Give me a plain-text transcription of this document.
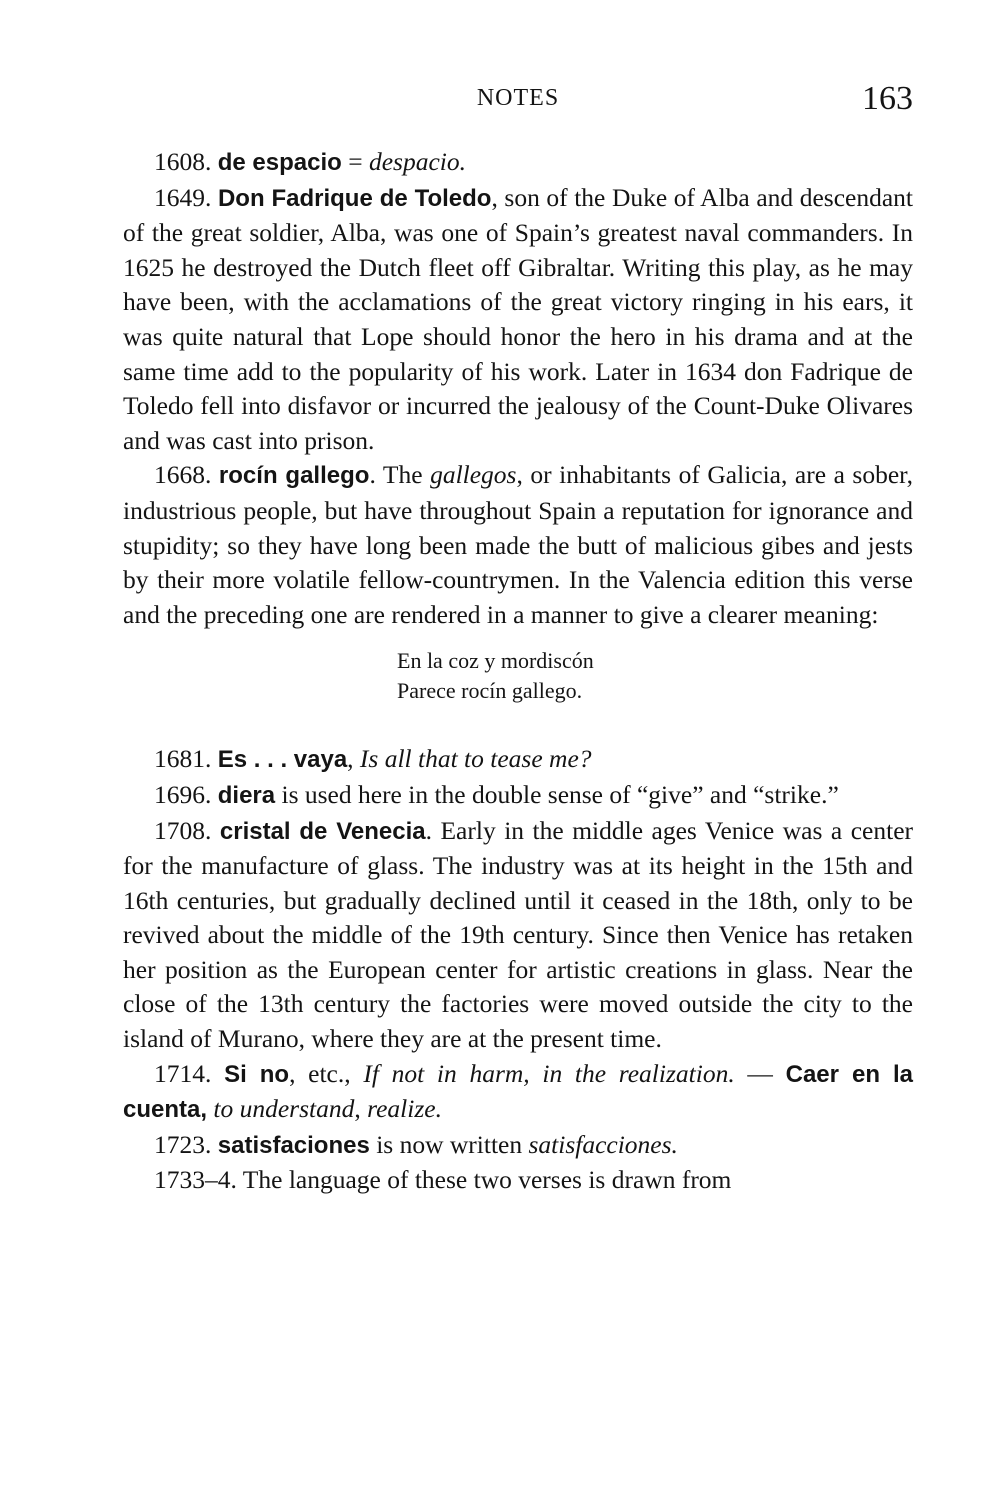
NOTES	163

1608. de espacio = despacio.

1649. Don Fadrique de Toledo, son of the Duke of Alba and descendant of the great soldier, Alba, was one of Spain’s greatest naval commanders. In 1625 he destroyed the Dutch fleet off Gibraltar. Writing this play, as he may have been, with the acclamations of the great victory ringing in his ears, it was quite natural that Lope should honor the hero in his drama and at the same time add to the popularity of his work. Later in 1634 don Fadrique de Toledo fell into disfavor or incurred the jealousy of the Count-Duke Olivares and was cast into prison.

1668. rocín gallego. The gallegos, or inhabitants of Galicia, are a sober, industrious people, but have throughout Spain a reputation for ignorance and stupidity; so they have long been made the butt of malicious gibes and jests by their more volatile fellow-countrymen. In the Valencia edition this verse and the preceding one are rendered in a manner to give a clearer meaning:

En la coz y mordiscón
Parece rocín gallego.

1681. Es . . . vaya, Is all that to tease me?

1696. diera is used here in the double sense of “give” and “strike.”

1708. cristal de Venecia. Early in the middle ages Venice was a center for the manufacture of glass. The industry was at its height in the 15th and 16th centuries, but gradually declined until it ceased in the 18th, only to be revived about the middle of the 19th century. Since then Venice has retaken her position as the European center for artistic creations in glass. Near the close of the 13th century the factories were moved outside the city to the island of Murano, where they are at the present time.

1714. Si no, etc., If not in harm, in the realization. — Caer en la cuenta, to understand, realize.

1723. satisfaciones is now written satisfacciones.

1733–4. The language of these two verses is drawn from
